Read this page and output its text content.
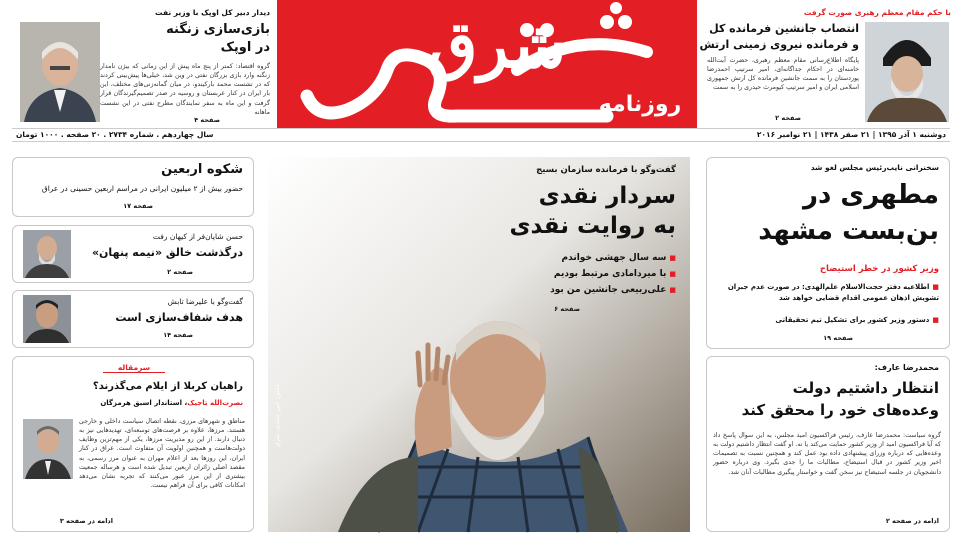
دیدار دبیر کل اوپک با وزیر نفت
بازی‌سازی زنگنه
در اوپک
گروه اقتصاد: کمتر از پنج ماه پیش از این زمانی که بیژن نامدار زنگنه وارد بازی بزرگان نفتی در وین شد، خیلی‌ها پیش‌بینی کردند که در نشست محمد باركيندو، در میان گمانه‌زنی‌های مختلف، این بار ایران در کنار عربستان و روسیه در صدر تصمیم‌گیرندگان قرار گرفت و این ماه به سفر نمایندگان مطرح نفتی در این نشست ماهانه
صفحه ۴
شرق
روزنامه
با حکم مقام معظم رهبری صورت گرفت
انتصاب جانشین فرمانده کل
و فرمانده نیروی زمینی ارتش
پایگاه اطلاع‌رسانی مقام معظم رهبری، حضرت آیت‌الله خامنه‌ای در احکام جداگانه‌ای، امیر سرتیپ احمدرضا پوردستان را به سمت جانشین فرمانده کل ارتش جمهوری اسلامی ایران و امیر سرتیپ کیومرث حیدری را به سمت
صفحه ۲
دوشنبه ۱ آذر ۱۳۹۵ | ۲۱ صفر ۱۴۳۸ | ۲۱ نوامبر ۲۰۱۶
سال چهاردهم . شماره ۲۷۳۴ . ۲۰ صفحه . ۱۰۰۰ تومان
شکوه اربعین
حضور بیش از ۲ میلیون ایرانی در مراسم اربعین حسینی در عراق
صفحه ۱۷
حسن شایان‌فر از کیهان رفت
درگذشت خالق «نیمه پنهان»
صفحه ۲
گفت‌وگو با علیرضا تابش
هدف شفاف‌سازی است
صفحه ۱۴
سرمقاله
راهیان کربلا از ایلام می‌گذرند؟
نصرت‌الله تاجیک، استاندار اسبق هرمزگان
مناطق و شهرهای مرزی، نقطه اتصال سیاست داخلی و خارجی هستند. مرزها، علاوه بر فرصت‌های توسعه‌ای، تهدیدهایی نیز به دنبال دارند. از این رو مدیریت مرزها، یکی از مهم‌ترین وظایف دولت‌هاست و همچنین اولویت آن متفاوت است. عراق در کنار ایران، این روزها بعد از اعلام مهران به عنوان مرز رسمی، به مقصد اصلی زائران اربعین تبدیل شده است و هرساله جمعیت بیشتری از این مرز عبور می‌کنند که تجربه نشان می‌دهد امکانات کافی برای آن فراهم نیست.
ادامه در صفحه ۳
گفت‌وگو با فرمانده سازمان بسیج
سردار نقدی
به روایت نقدی
■ سه سال جهشی خواندم
■ با میردامادی مرتبط بودیم
■ علی‌ربیعی جانشین من بود
صفحه ۶
عکس: امیر جدیدی، شرق
سخنرانی نایب‌رئیس مجلس لغو شد
مطهری در
بن‌بست مشهد
وزیر کشور در خطر استیضاح
■ اطلاعیه دفتر حجت‌الاسلام علم‌الهدی: در صورت عدم جبران تشویش اذهان عمومی اقدام قضایی خواهد شد
■ دستور وزیر کشور برای تشکیل تیم تحقیقاتی
صفحه ۱۹
محمدرضا عارف:
انتظار داشتیم دولت
وعده‌های خود را محقق کند
گروه سیاست: محمدرضا عارف، رئیس فراکسیون امید مجلس، به این سوال پاسخ داد که آیا فراکسیون امید از وزیر کشور حمایت می‌کند یا نه. او گفت انتظار داشتیم دولت به وعده‌هایی که درباره وزرای پیشنهادی داده بود عمل کند و همچنین نسبت به تصمیمات اخیر وزیر کشور در قبال استیضاح، مطالبات ما را جدی بگیرد. وی درباره حضور دانشجویان در جلسه استیضاح نیز سخن گفت و خواستار پیگیری مطالبات آنان شد.
ادامه در صفحه ۲
